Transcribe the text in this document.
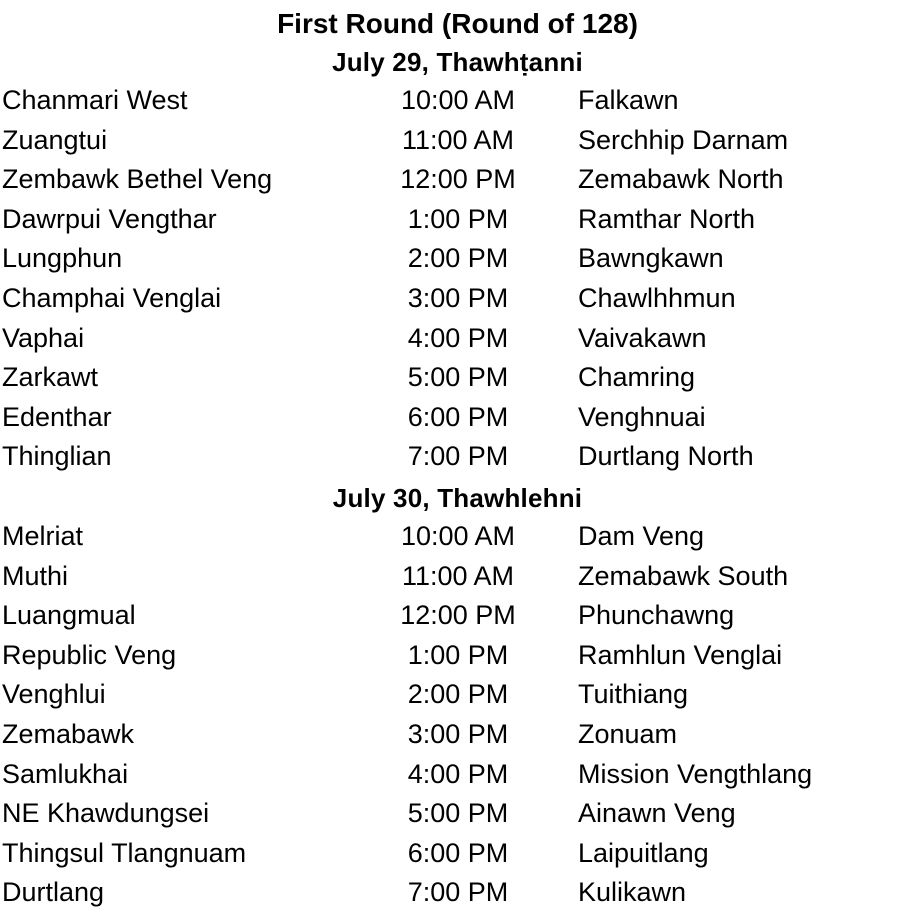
First Round (Round of 128)
July 29, Thawhṭanni
Chanmari West	10:00 AM Falkawn
Zuangtui	11:00 AM Serchhip Darnam
Zembawk Bethel Veng	12:00 PM Zemabawk North
Dawrpui Vengthar	1:00 PM	Ramthar North
Lungphun	2:00 PM	Bawngkawn
Champhai Venglai	3:00 PM	Chawlhhmun
Vaphai	4:00 PM	Vaivakawn
Zarkawt	5:00 PM	Chamring
Edenthar	6:00 PM	Venghnuai
Thinglian	7:00 PM	Durtlang North
July 30, Thawhlehni
Melriat	10:00 AM Dam Veng
Muthi	11:00 AM Zemabawk South
Luangmual	12:00 PM Phunchawng
Republic Veng	1:00 PM	Ramhlun Venglai
Venghlui	2:00 PM	Tuithiang
Zemabawk	3:00 PM	Zonuam
Samlukhai	4:00 PM	Mission Vengthlang
NE Khawdungsei	5:00 PM	Ainawn Veng
Thingsul Tlangnuam	6:00 PM	Laipuitlang
Durtlang	7:00 PM	Kulikawn
